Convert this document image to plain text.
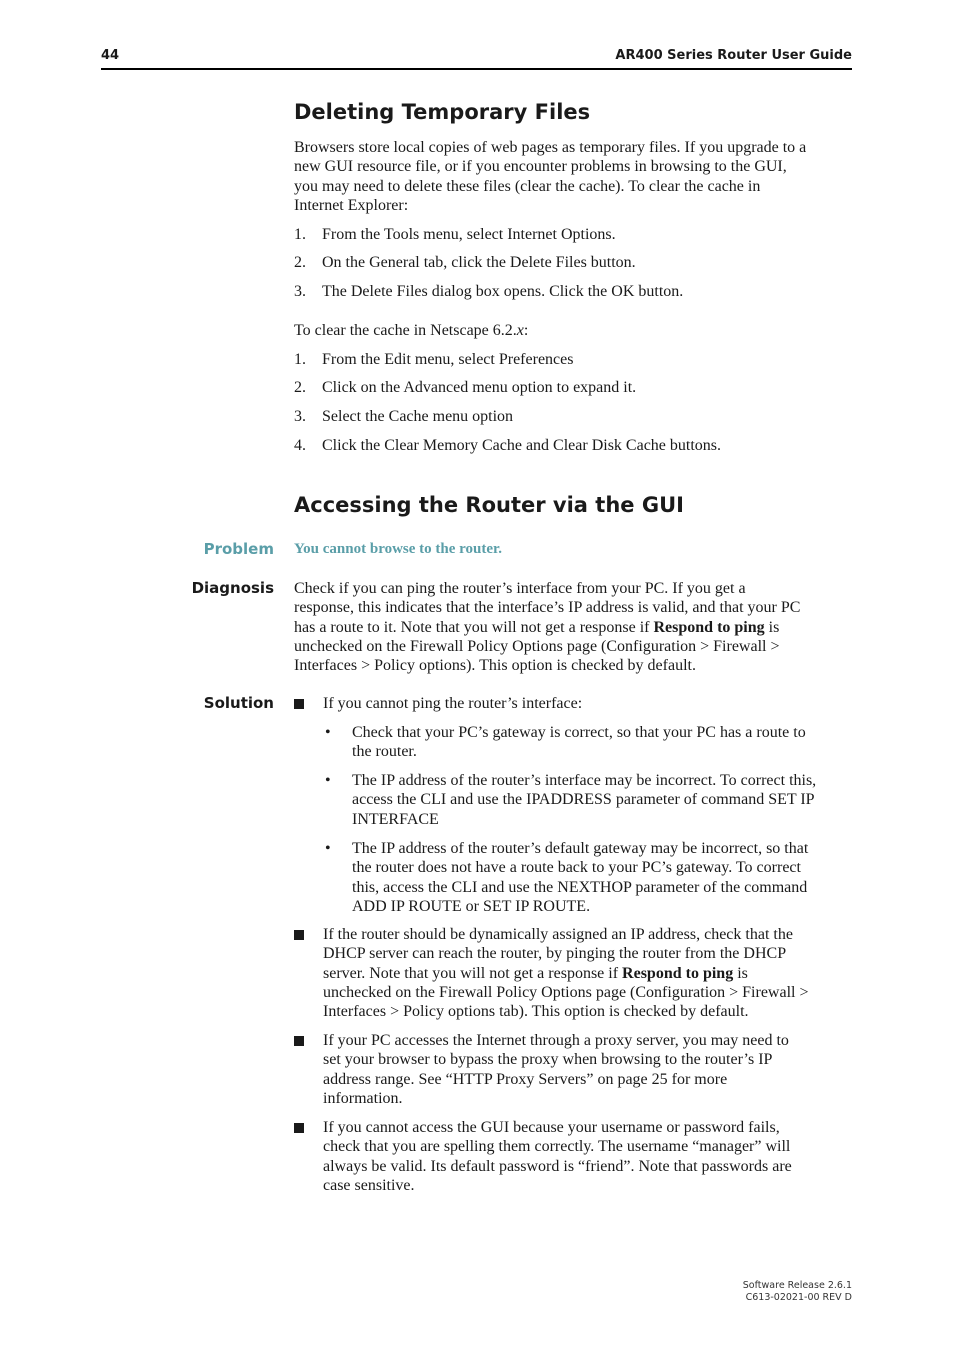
44	AR400 Series Router User Guide
Deleting Temporary Files
Browsers store local copies of web pages as temporary files. If you upgrade to a
new GUI resource file, or if you encounter problems in browsing to the GUI,
you may need to delete these files (clear the cache). To clear the cache in
Internet Explorer:
1. From the Tools menu, select Internet Options.
2. On the General tab, click the Delete Files button.
3. The Delete Files dialog box opens. Click the OK button.
To clear the cache in Netscape 6.2.x:
1. From the Edit menu, select Preferences
2. Click on the Advanced menu option to expand it.
3. Select the Cache menu option
4. Click the Clear Memory Cache and Clear Disk Cache buttons.
Accessing the Router via the GUI
Problem You cannot browse to the router.
Diagnosis Check if you can ping the router’s interface from your PC. If you get a
response, this indicates that the interface’s IP address is valid, and that your PC
has a route to it. Note that you will not get a response if Respond to ping is
unchecked on the Firewall Policy Options page (Configuration > Firewall >
Interfaces > Policy options). This option is checked by default.
Solution	If you cannot ping the router’s interface:
• Check that your PC’s gateway is correct, so that your PC has a route to
the router.
• The IP address of the router’s interface may be incorrect. To correct this,
access the CLI and use the IPADDRESS parameter of command SET IP
INTERFACE
• The IP address of the router’s default gateway may be incorrect, so that
the router does not have a route back to your PC’s gateway. To correct
this, access the CLI and use the NEXTHOP parameter of the command
ADD IP ROUTE or SET IP ROUTE.
If the router should be dynamically assigned an IP address, check that the
DHCP server can reach the router, by pinging the router from the DHCP
server. Note that you will not get a response if Respond to ping is
unchecked on the Firewall Policy Options page (Configuration > Firewall >
Interfaces > Policy options tab). This option is checked by default.
If your PC accesses the Internet through a proxy server, you may need to
set your browser to bypass the proxy when browsing to the router’s IP
address range. See “HTTP Proxy Servers” on page 25 for more
information.
If you cannot access the GUI because your username or password fails,
check that you are spelling them correctly. The username “manager” will
always be valid. Its default password is “friend”. Note that passwords are
case sensitive.
Software Release 2.6.1
C613-02021-00 REV D
